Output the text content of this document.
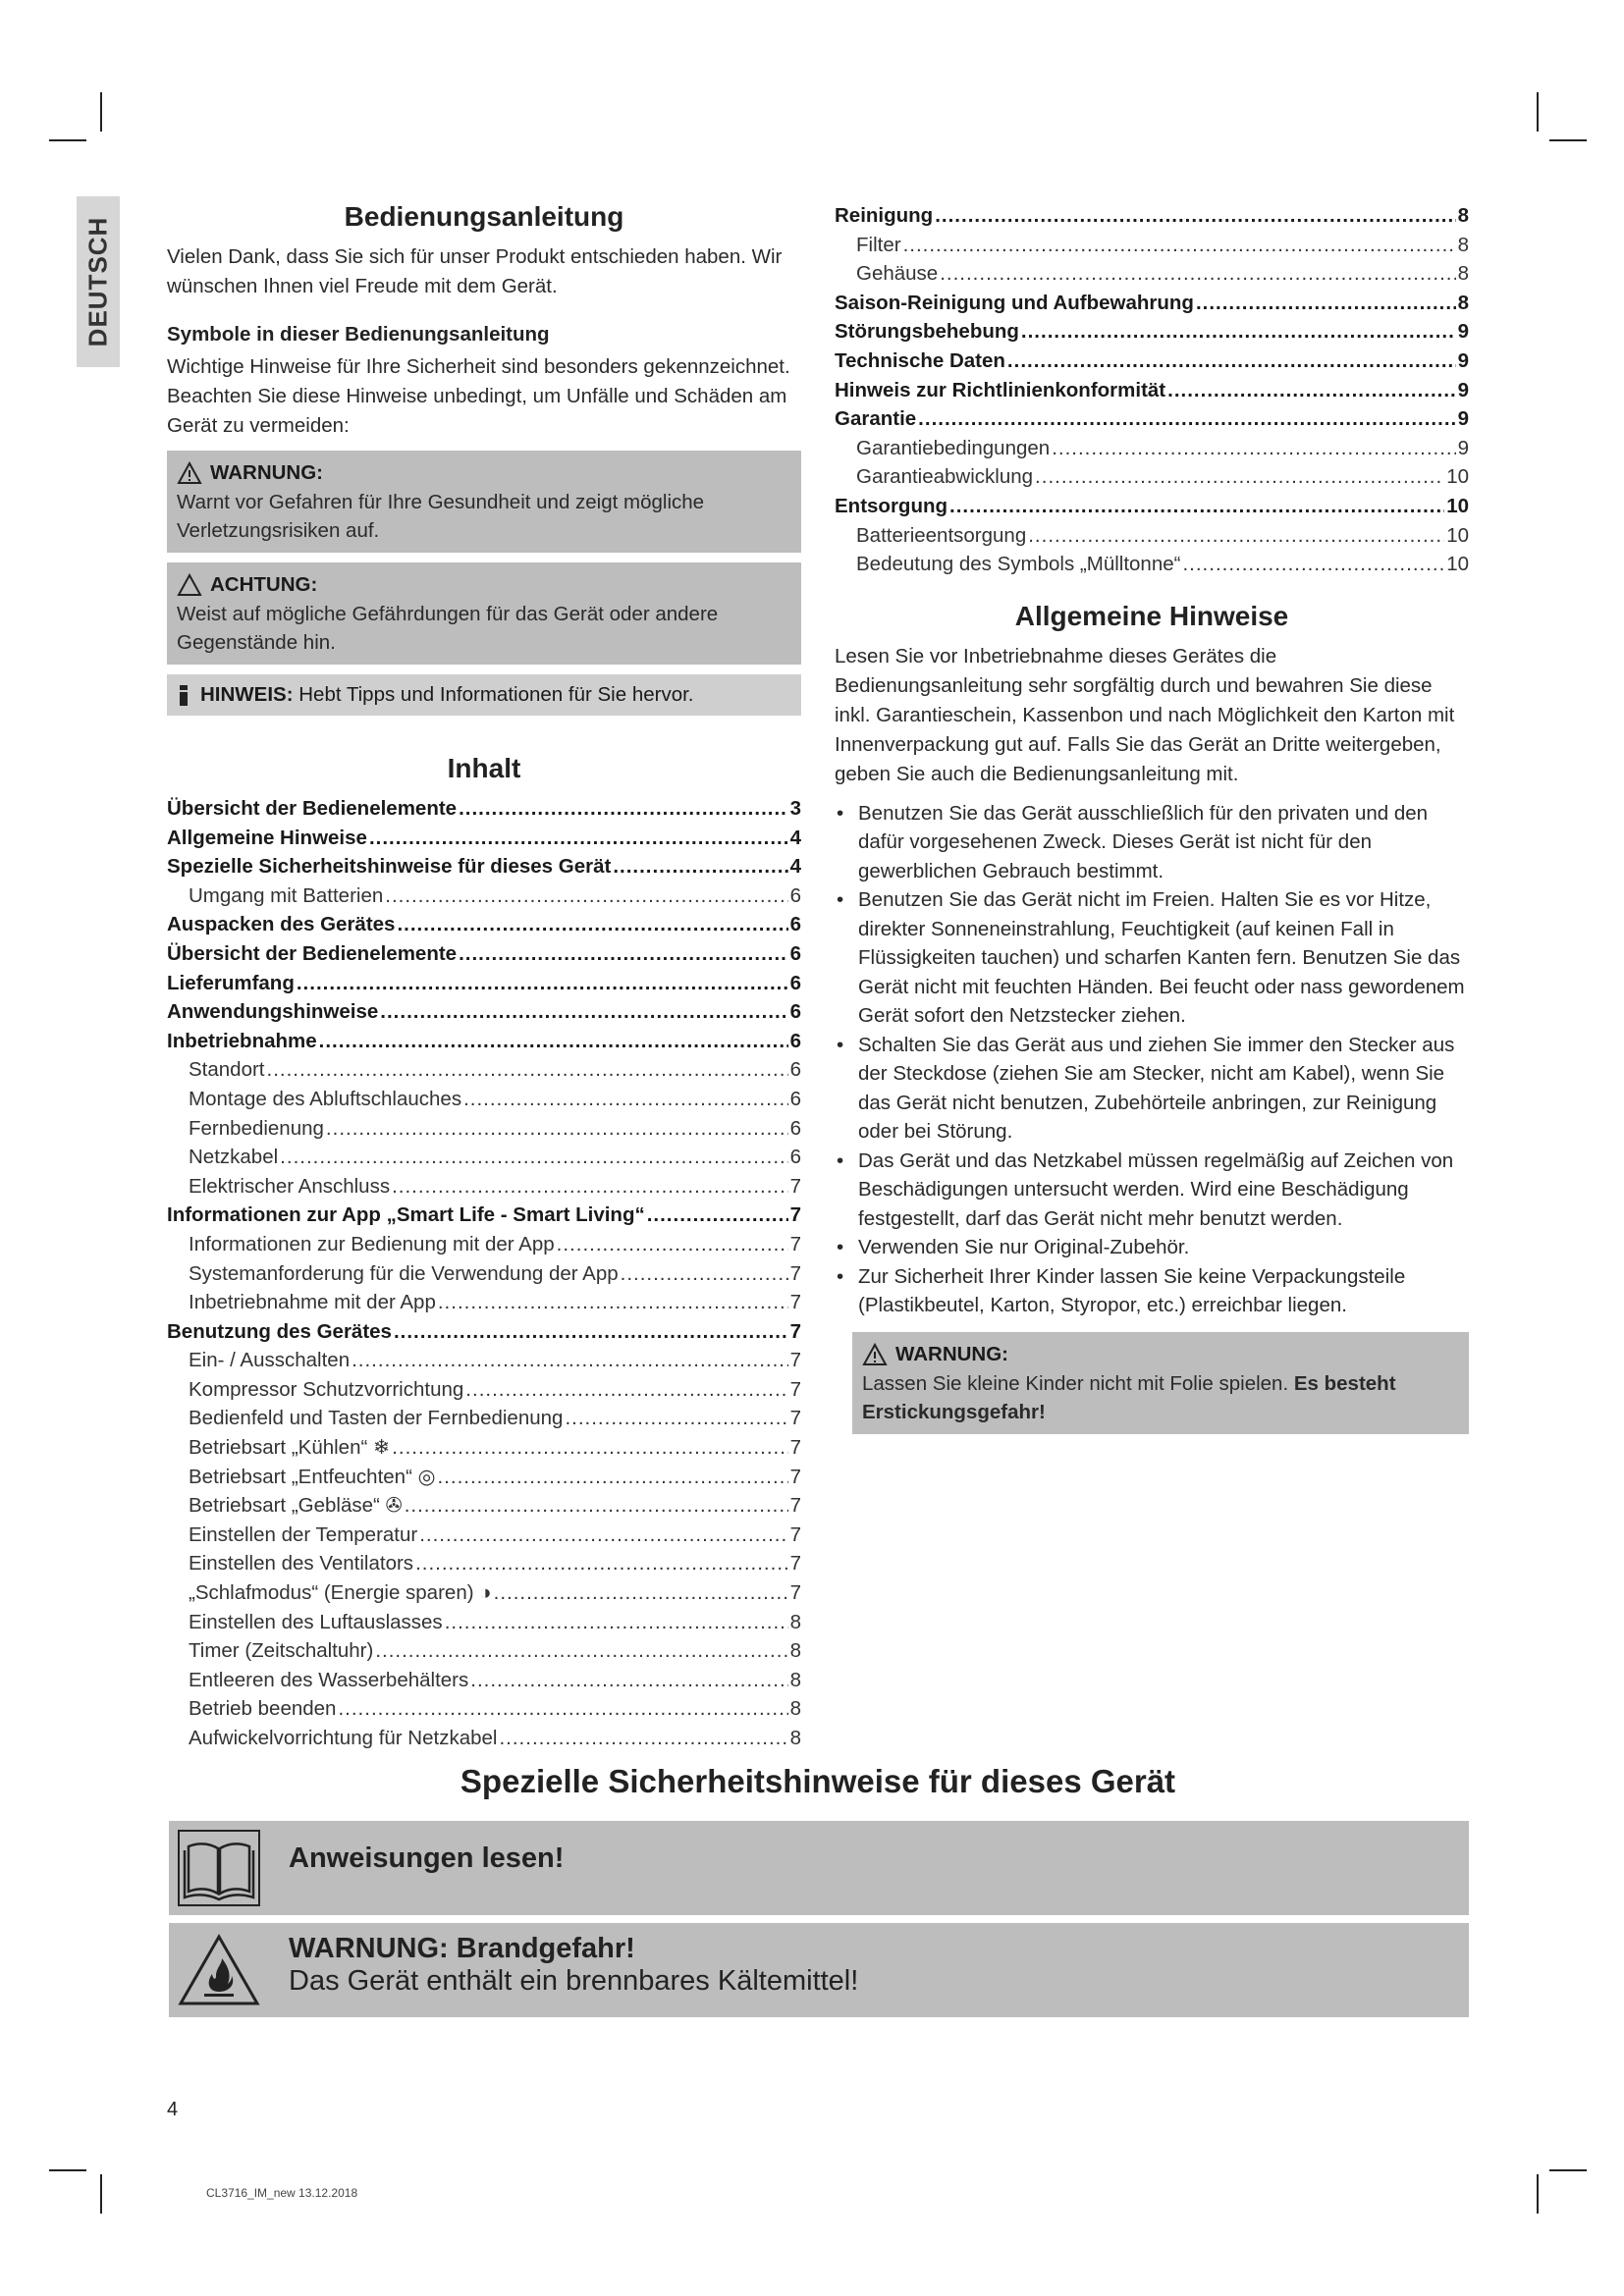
DEUTSCH
Bedienungsanleitung

Vielen Dank, dass Sie sich für unser Produkt entschieden haben. Wir wünschen Ihnen viel Freude mit dem Gerät.

Symbole in dieser Bedienungsanleitung

Wichtige Hinweise für Ihre Sicherheit sind besonders gekennzeichnet. Beachten Sie diese Hinweise unbedingt, um Unfälle und Schäden am Gerät zu vermeiden:

WARNUNG:
Warnt vor Gefahren für Ihre Gesundheit und zeigt mögliche Verletzungsrisiken auf.
ACHTUNG:
Weist auf mögliche Gefährdungen für das Gerät oder andere Gegenstände hin.
HINWEIS: Hebt Tipps und Informationen für Sie hervor.
Inhalt
Übersicht der Bedienelemente .....	3
Allgemeine Hinweise .....	4
Spezielle Sicherheitshinweise für dieses Gerät .....	4
Umgang mit Batterien .....	6
Auspacken des Gerätes .....	6
Übersicht der Bedienelemente .....	6
Lieferumfang .....	6
Anwendungshinweise .....	6
Inbetriebnahme .....	6
Standort .....	6
Montage des Abluftschlauches .....	6
Fernbedienung .....	6
Netzkabel .....	6
Elektrischer Anschluss .....	7
Informationen zur App „Smart Life - Smart Living“ .....	7
Informationen zur Bedienung mit der App .....	7
Systemanforderung für die Verwendung der App .....	7
Inbetriebnahme mit der App .....	7
Benutzung des Gerätes .....	7
Ein- / Ausschalten .....	7
Kompressor Schutzvorrichtung .....	7
Bedienfeld und Tasten der Fernbedienung .....	7
Betriebsart „Kühlen“ ❄ .....	7
Betriebsart „Entfeuchten“ ◎ .....	7
Betriebsart „Gebläse“ ✇ .....	7
Einstellen der Temperatur .....	7
Einstellen des Ventilators .....	7
„Schlafmodus“ (Energie sparen) ◑ .....	7
Einstellen des Luftauslasses .....	8
Timer (Zeitschaltuhr) .....	8
Entleeren des Wasserbehälters .....	8
Betrieb beenden .....	8
Aufwickelvorrichtung für Netzkabel .....	8
Reinigung .....	8
Filter .....	8
Gehäuse .....	8
Saison-Reinigung und Aufbewahrung .....	8
Störungsbehebung .....	9
Technische Daten .....	9
Hinweis zur Richtlinienkonformität .....	9
Garantie .....	9
Garantiebedingungen .....	9
Garantieabwicklung .....	10
Entsorgung .....	10
Batterieentsorgung .....	10
Bedeutung des Symbols „Mülltonne“ .....	10
Allgemeine Hinweise

Lesen Sie vor Inbetriebnahme dieses Gerätes die Bedienungsanleitung sehr sorgfältig durch und bewahren Sie diese inkl. Garantieschein, Kassenbon und nach Möglichkeit den Karton mit Innenverpackung gut auf. Falls Sie das Gerät an Dritte weitergeben, geben Sie auch die Bedienungsanleitung mit.

• Benutzen Sie das Gerät ausschließlich für den privaten und den dafür vorgesehenen Zweck. Dieses Gerät ist nicht für den gewerblichen Gebrauch bestimmt.
• Benutzen Sie das Gerät nicht im Freien. Halten Sie es vor Hitze, direkter Sonneneinstrahlung, Feuchtigkeit (auf keinen Fall in Flüssigkeiten tauchen) und scharfen Kanten fern. Benutzen Sie das Gerät nicht mit feuchten Händen. Bei feucht oder nass gewordenem Gerät sofort den Netzstecker ziehen.
• Schalten Sie das Gerät aus und ziehen Sie immer den Stecker aus der Steckdose (ziehen Sie am Stecker, nicht am Kabel), wenn Sie das Gerät nicht benutzen, Zubehörteile anbringen, zur Reinigung oder bei Störung.
• Das Gerät und das Netzkabel müssen regelmäßig auf Zeichen von Beschädigungen untersucht werden. Wird eine Beschädigung festgestellt, darf das Gerät nicht mehr benutzt werden.
• Verwenden Sie nur Original-Zubehör.
• Zur Sicherheit Ihrer Kinder lassen Sie keine Verpackungsteile (Plastikbeutel, Karton, Styropor, etc.) erreichbar liegen.
WARNUNG:
Lassen Sie kleine Kinder nicht mit Folie spielen. Es besteht Erstickungsgefahr!
Spezielle Sicherheitshinweise für dieses Gerät
Anweisungen lesen!
WARNUNG: Brandgefahr!
Das Gerät enthält ein brennbares Kältemittel!
4
CL3716_IM_new 13.12.2018
